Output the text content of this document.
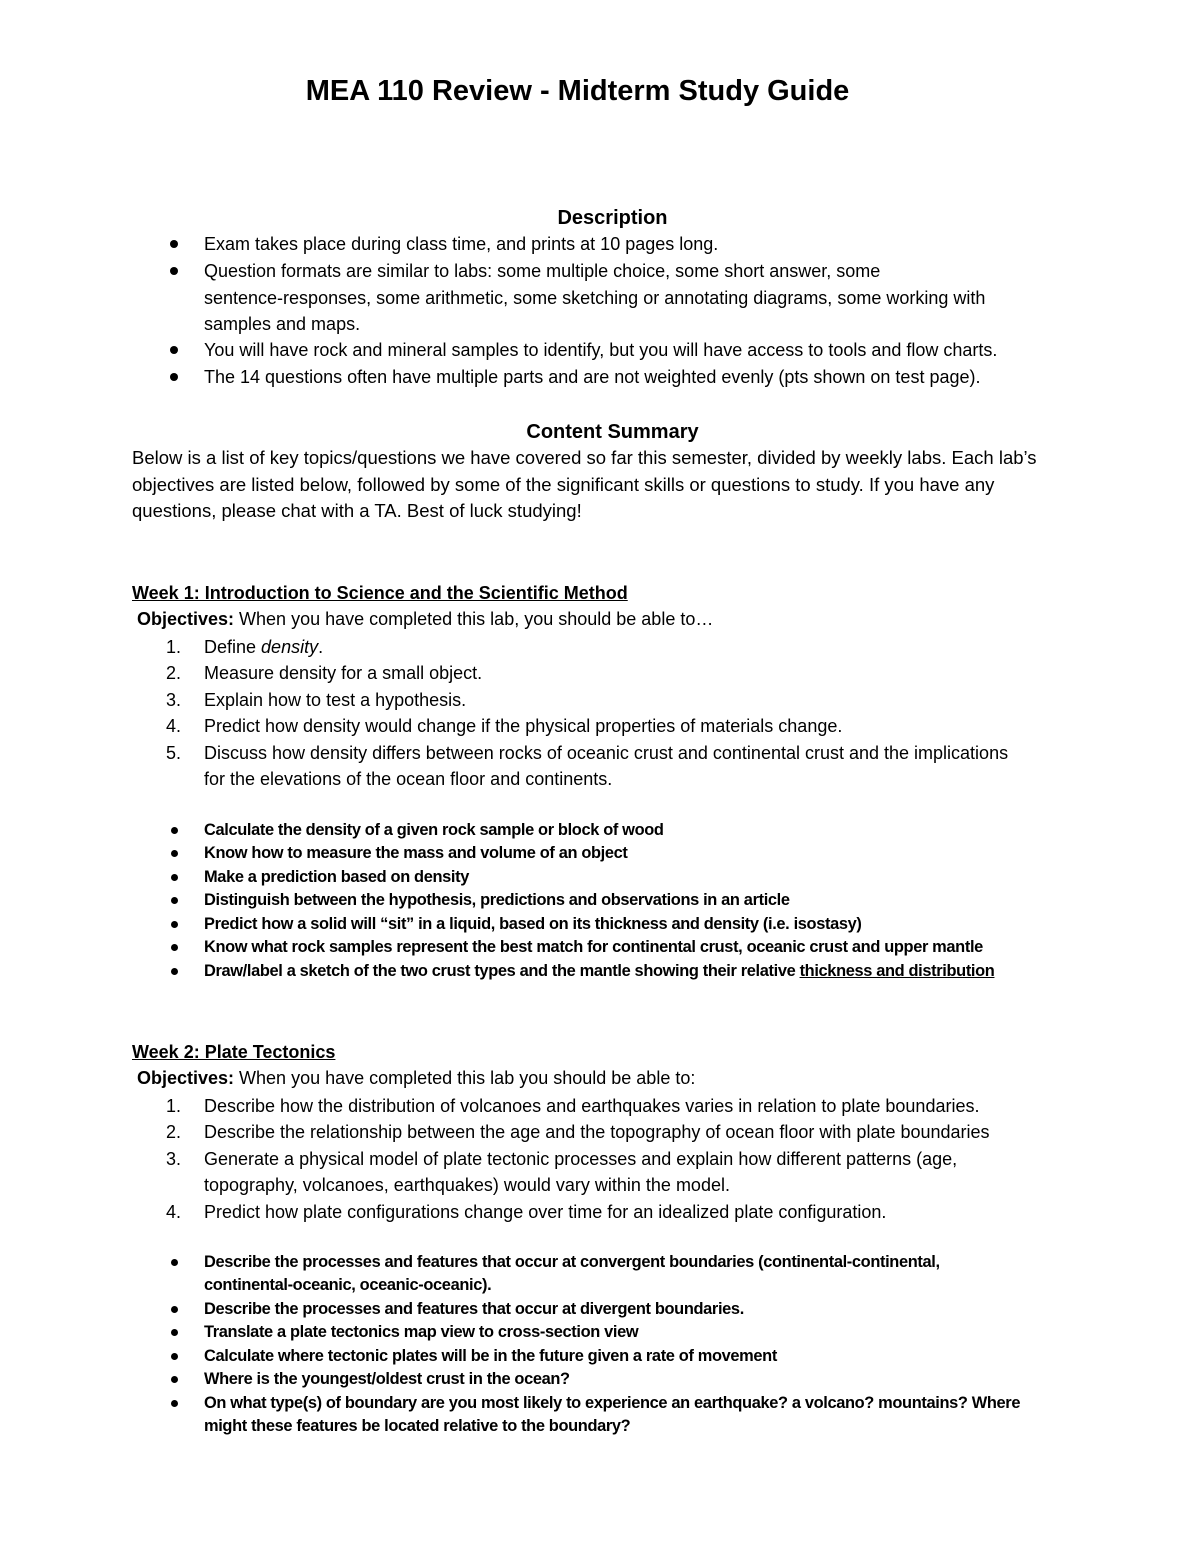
MEA 110 Review - Midterm Study Guide
Description
Exam takes place during class time, and prints at 10 pages long.
Question formats are similar to labs: some multiple choice, some short answer, some
sentence-responses, some arithmetic, some sketching or annotating diagrams, some working with
samples and maps.
You will have rock and mineral samples to identify, but you will have access to tools and flow charts.
The 14 questions often have multiple parts and are not weighted evenly (pts shown on test page).
Content Summary
Below is a list of key topics/questions we have covered so far this semester, divided by weekly labs. Each lab’s
objectives are listed below, followed by some of the significant skills or questions to study. If you have any
questions, please chat with a TA. Best of luck studying!
Week 1: Introduction to Science and the Scientific Method
Objectives: When you have completed this lab, you should be able to…
1.	Define density.
2.	Measure density for a small object.
3.	Explain how to test a hypothesis.
4.	Predict how density would change if the physical properties of materials change.
5.	Discuss how density differs between rocks of oceanic crust and continental crust and the implications
for the elevations of the ocean floor and continents.
Calculate the density of a given rock sample or block of wood
Know how to measure the mass and volume of an object
Make a prediction based on density
Distinguish between the hypothesis, predictions and observations in an article
Predict how a solid will “sit” in a liquid, based on its thickness and density (i.e. isostasy)
Know what rock samples represent the best match for continental crust, oceanic crust and upper mantle
Draw/label a sketch of the two crust types and the mantle showing their relative thickness and distribution
Week 2: Plate Tectonics
Objectives: When you have completed this lab you should be able to:
1.	Describe how the distribution of volcanoes and earthquakes varies in relation to plate boundaries.
2.	Describe the relationship between the age and the topography of ocean floor with plate boundaries
3.	Generate a physical model of plate tectonic processes and explain how different patterns (age,
topography, volcanoes, earthquakes) would vary within the model.
4.	Predict how plate configurations change over time for an idealized plate configuration.
Describe the processes and features that occur at convergent boundaries (continental-continental,
continental-oceanic, oceanic-oceanic).
Describe the processes and features that occur at divergent boundaries.
Translate a plate tectonics map view to cross-section view
Calculate where tectonic plates will be in the future given a rate of movement
Where is the youngest/oldest crust in the ocean?
On what type(s) of boundary are you most likely to experience an earthquake? a volcano? mountains? Where
might these features be located relative to the boundary?
